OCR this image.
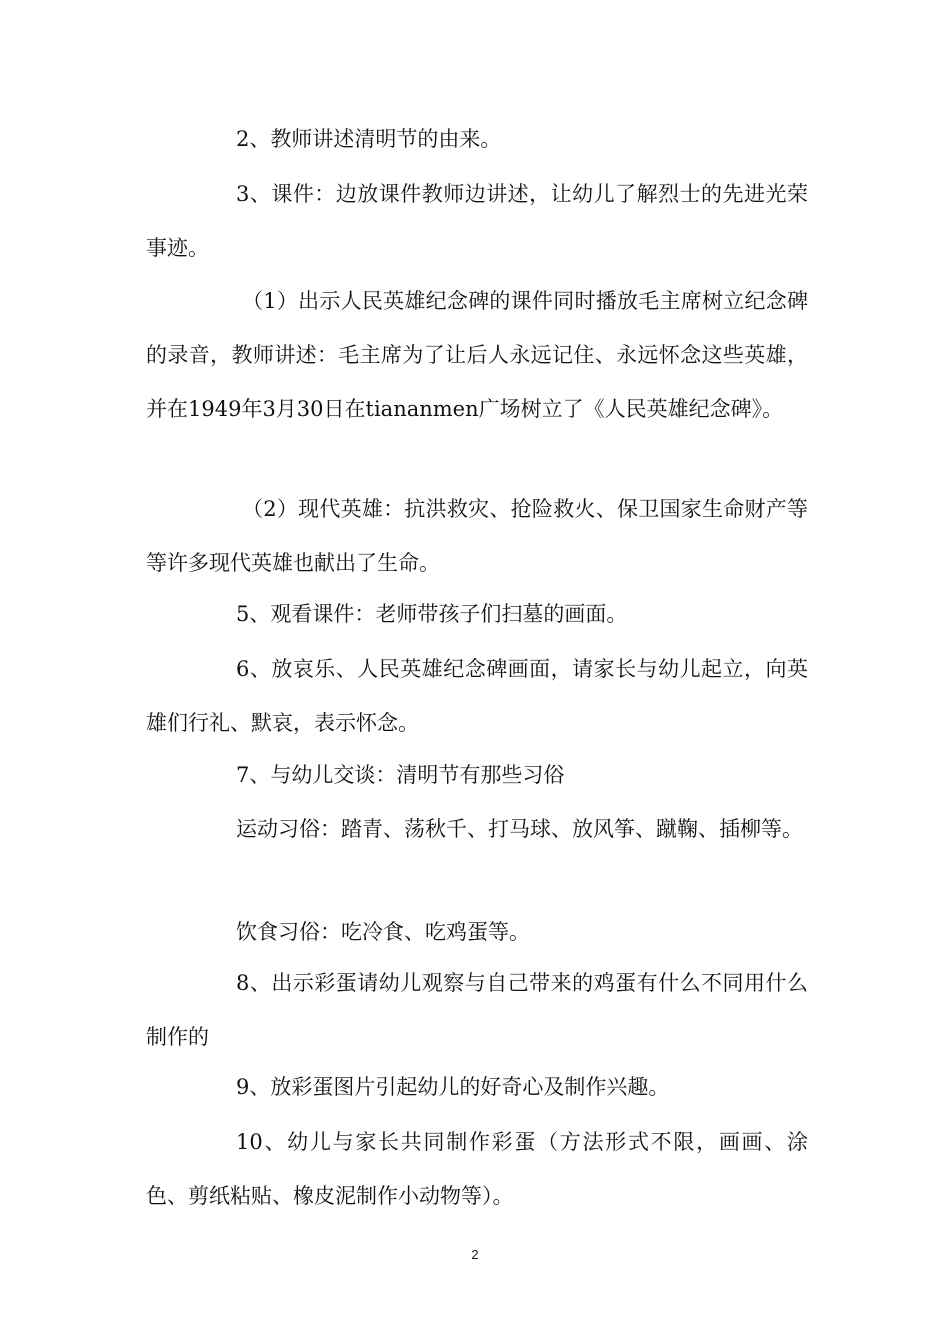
2、教师讲述清明节的由来。

3、课件：边放课件教师边讲述，让幼儿了解烈士的先进光荣事迹。

（1）出示人民英雄纪念碑的课件同时播放毛主席树立纪念碑的录音，教师讲述：毛主席为了让后人永远记住、永远怀念这些英雄，并在1949年3月30日在tiananmen广场树立了《人民英雄纪念碑》。

（2）现代英雄：抗洪救灾、抢险救火、保卫国家生命财产等等许多现代英雄也献出了生命。

5、观看课件：老师带孩子们扫墓的画面。

6、放哀乐、人民英雄纪念碑画面，请家长与幼儿起立，向英雄们行礼、默哀，表示怀念。

7、与幼儿交谈：清明节有那些习俗

运动习俗：踏青、荡秋千、打马球、放风筝、蹴鞠、插柳等。

饮食习俗：吃冷食、吃鸡蛋等。

8、出示彩蛋请幼儿观察与自己带来的鸡蛋有什么不同用什么制作的

9、放彩蛋图片引起幼儿的好奇心及制作兴趣。

10、幼儿与家长共同制作彩蛋（方法形式不限，画画、涂色、剪纸粘贴、橡皮泥制作小动物等）。

2
